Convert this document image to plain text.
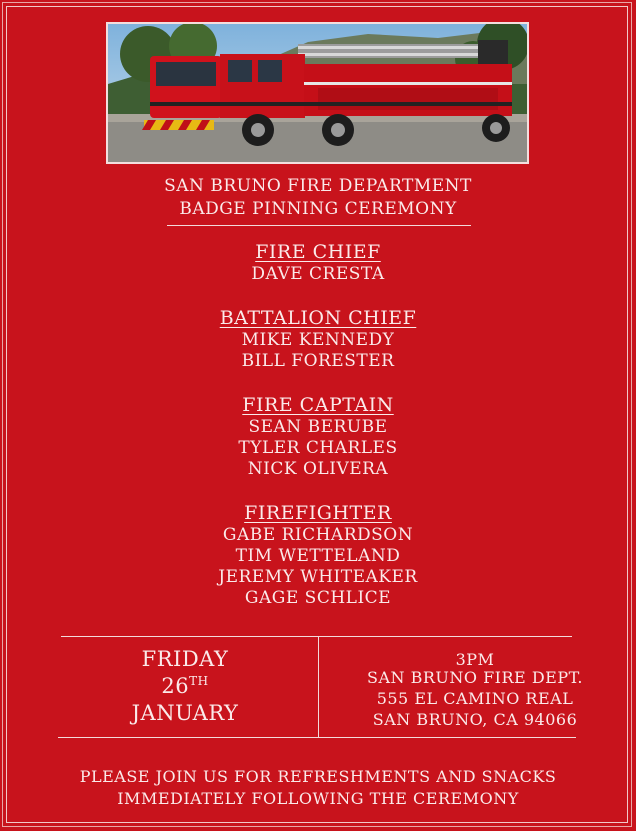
SAN BRUNO FIRE DEPARTMENT
BADGE PINNING CEREMONY
FIRE CHIEF
DAVE CRESTA
BATTALION CHIEF
MIKE KENNEDY
BILL FORESTER
FIRE CAPTAIN
SEAN BERUBE
TYLER CHARLES
NICK OLIVERA
FIREFIGHTER
GABE RICHARDSON
TIM WETTELAND
JEREMY WHITEAKER
GAGE SCHLICE
FRIDAY
26TH
JANUARY
3PM
SAN BRUNO FIRE DEPT.
555 EL CAMINO REAL
SAN BRUNO, CA 94066
PLEASE JOIN US FOR REFRESHMENTS AND SNACKS
IMMEDIATELY FOLLOWING THE CEREMONY
